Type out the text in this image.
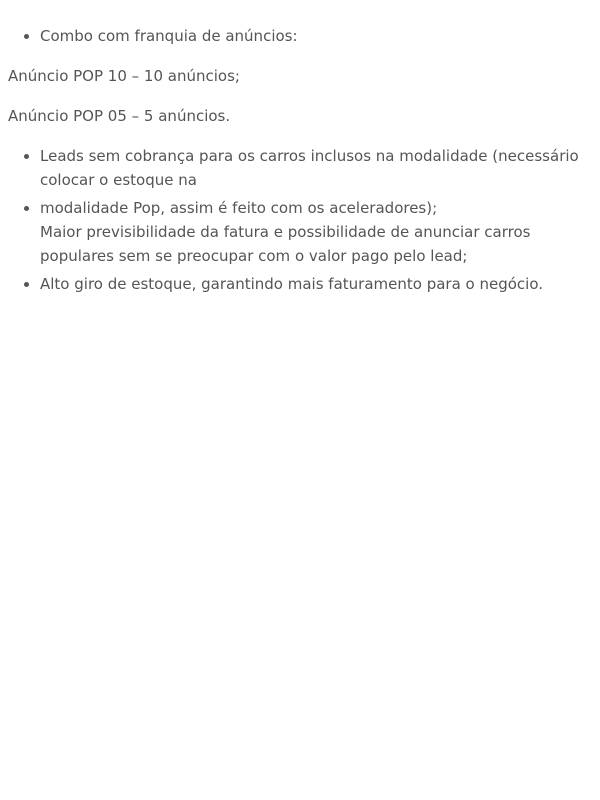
• Combo com franquia de anúncios:

Anúncio POP 10 – 10 anúncios;

Anúncio POP 05 – 5 anúncios.

• Leads sem cobrança para os carros inclusos na modalidade (necessário colocar o estoque na
• modalidade Pop, assim é feito com os aceleradores);
Maior previsibilidade da fatura e possibilidade de anunciar carros populares sem se preocupar com o valor pago pelo lead;
• Alto giro de estoque, garantindo mais faturamento para o negócio.
